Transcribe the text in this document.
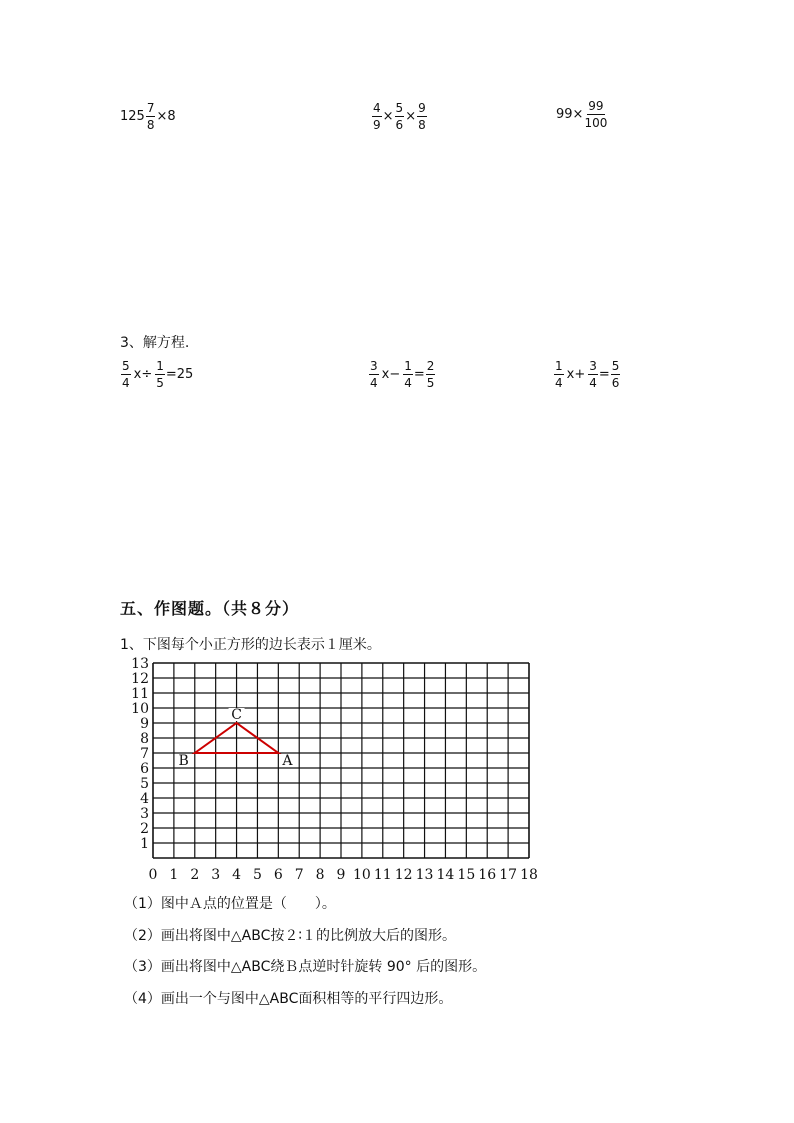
$125 \frac{7}{8} \times 8$	$\frac{4}{9} \times \frac{5}{6} \times \frac{9}{8}$	$99\times \frac{99}{100}$
3、解方程.
$\frac{5}{4} x\div \frac{1}{5} =25$	$\frac{3}{4} x- \frac{1}{4} = \frac{2}{5}$	$\frac{1}{4} x+ \frac{3}{4} = \frac{5}{6}$
五、作图题。（共８分）
1、下图每个小正方形的边长表示１厘米。
0 1 2 3 4 5 6 7 8 9 10 11 12 13 14 15 16 17 18
1
2
3
4
5
6
7
8
9
10
11
12
13
A
B
C
（1）图中Ａ点的位置是（　　）。
（2）画出将图中△ABC按２∶１的比例放大后的图形。
（3）画出将图中△ABC绕Ｂ点逆时针旋转 90° 后的图形。
（4）画出一个与图中△ABC面积相等的平行四边形。
